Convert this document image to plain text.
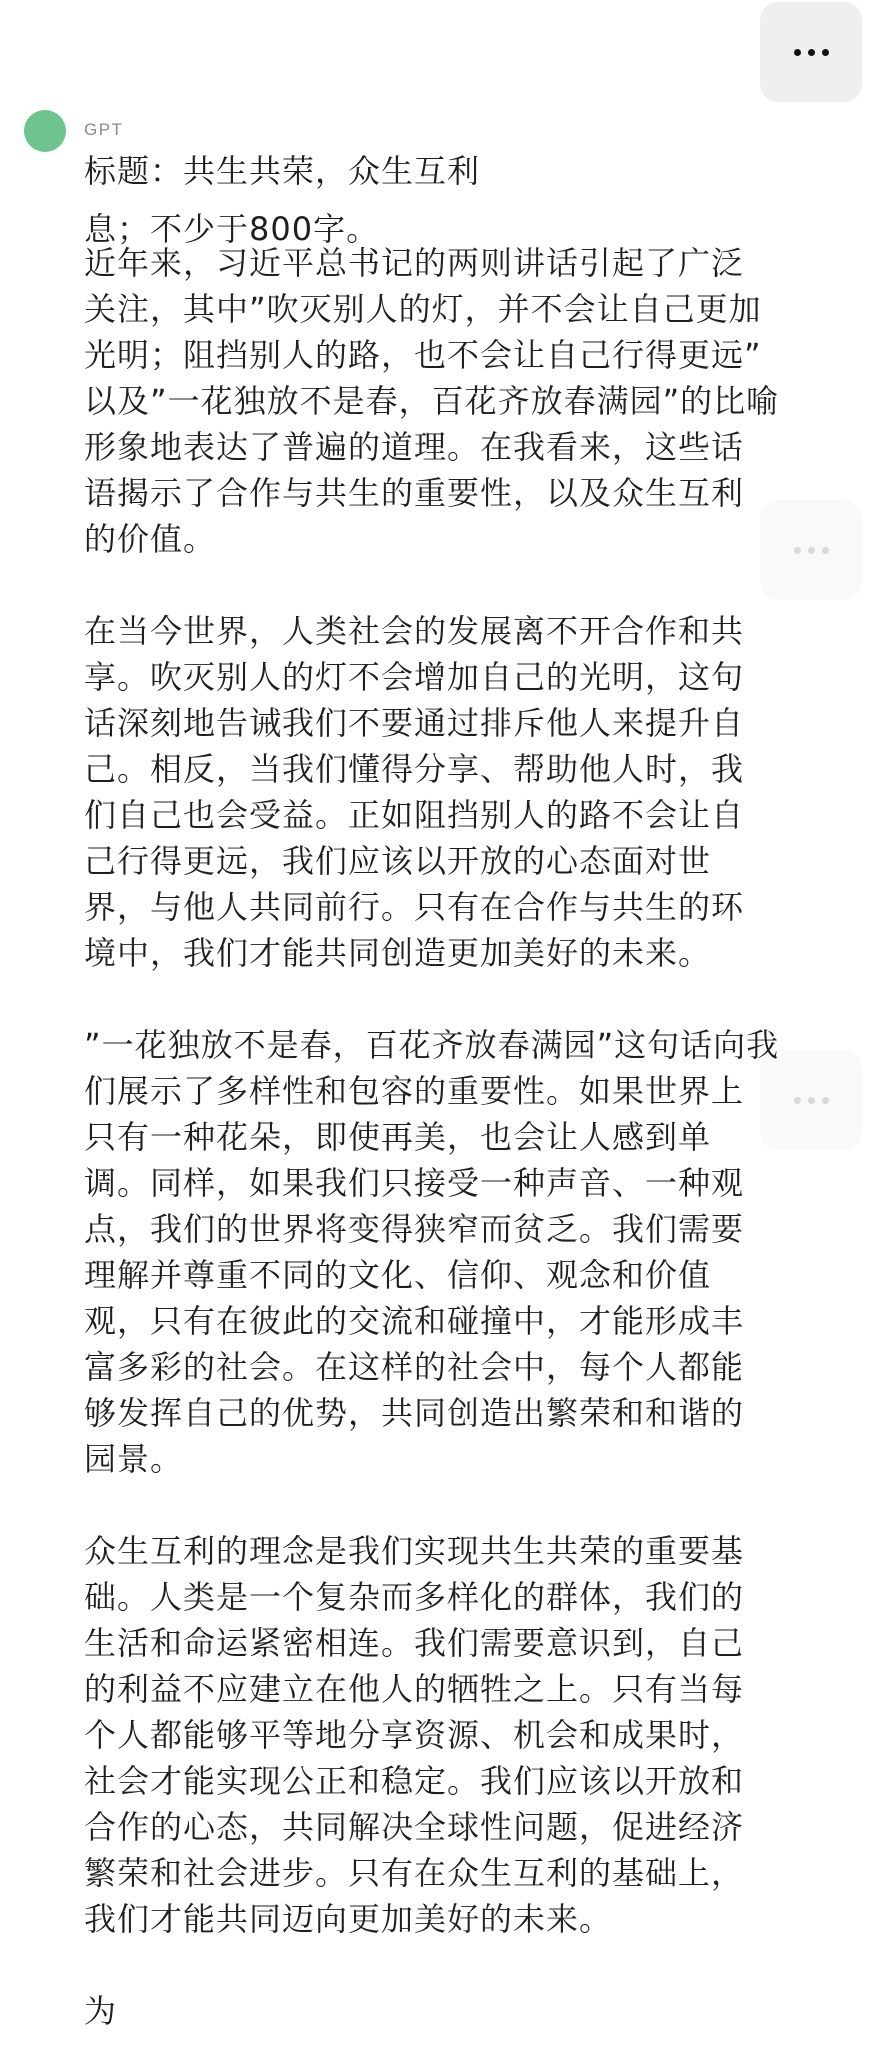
息；不少于800字。

GPT

标题：共生共荣，众生互利

近年来，习近平总书记的两则讲话引起了广泛
关注，其中”吹灭别人的灯，并不会让自己更加
光明；阻挡别人的路，也不会让自己行得更远”
以及”一花独放不是春，百花齐放春满园”的比喻
形象地表达了普遍的道理。在我看来，这些话
语揭示了合作与共生的重要性，以及众生互利
的价值。

在当今世界，人类社会的发展离不开合作和共
享。吹灭别人的灯不会增加自己的光明，这句
话深刻地告诫我们不要通过排斥他人来提升自
己。相反，当我们懂得分享、帮助他人时，我
们自己也会受益。正如阻挡别人的路不会让自
己行得更远，我们应该以开放的心态面对世
界，与他人共同前行。只有在合作与共生的环
境中，我们才能共同创造更加美好的未来。

”一花独放不是春，百花齐放春满园”这句话向我
们展示了多样性和包容的重要性。如果世界上
只有一种花朵，即使再美，也会让人感到单
调。同样，如果我们只接受一种声音、一种观
点，我们的世界将变得狭窄而贫乏。我们需要
理解并尊重不同的文化、信仰、观念和价值
观，只有在彼此的交流和碰撞中，才能形成丰
富多彩的社会。在这样的社会中，每个人都能
够发挥自己的优势，共同创造出繁荣和和谐的
园景。

众生互利的理念是我们实现共生共荣的重要基
础。人类是一个复杂而多样化的群体，我们的
生活和命运紧密相连。我们需要意识到，自己
的利益不应建立在他人的牺牲之上。只有当每
个人都能够平等地分享资源、机会和成果时，
社会才能实现公正和稳定。我们应该以开放和
合作的心态，共同解决全球性问题，促进经济
繁荣和社会进步。只有在众生互利的基础上，
我们才能共同迈向更加美好的未来。

为
